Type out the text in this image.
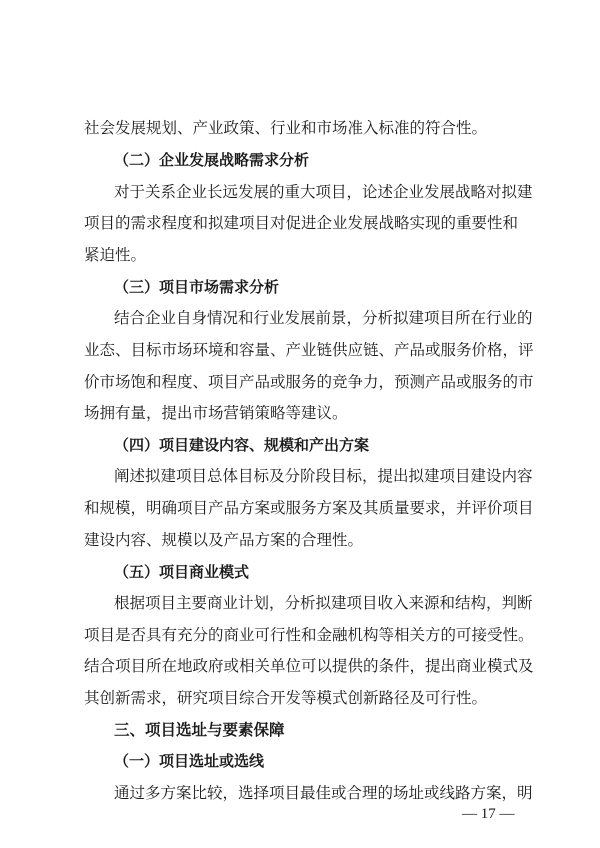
社会发展规划、产业政策、行业和市场准入标准的符合性。
（二）企业发展战略需求分析
对于关系企业长远发展的重大项目，论述企业发展战略对拟建
项目的需求程度和拟建项目对促进企业发展战略实现的重要性和
紧迫性。
（三）项目市场需求分析
结合企业自身情况和行业发展前景，分析拟建项目所在行业的
业态、目标市场环境和容量、产业链供应链、产品或服务价格，评
价市场饱和程度、项目产品或服务的竞争力，预测产品或服务的市
场拥有量，提出市场营销策略等建议。
（四）项目建设内容、规模和产出方案
阐述拟建项目总体目标及分阶段目标，提出拟建项目建设内容
和规模，明确项目产品方案或服务方案及其质量要求，并评价项目
建设内容、规模以及产品方案的合理性。
（五）项目商业模式
根据项目主要商业计划，分析拟建项目收入来源和结构，判断
项目是否具有充分的商业可行性和金融机构等相关方的可接受性。
结合项目所在地政府或相关单位可以提供的条件，提出商业模式及
其创新需求，研究项目综合开发等模式创新路径及可行性。
三、项目选址与要素保障
（一）项目选址或选线
通过多方案比较，选择项目最佳或合理的场址或线路方案，明
— 17 —
